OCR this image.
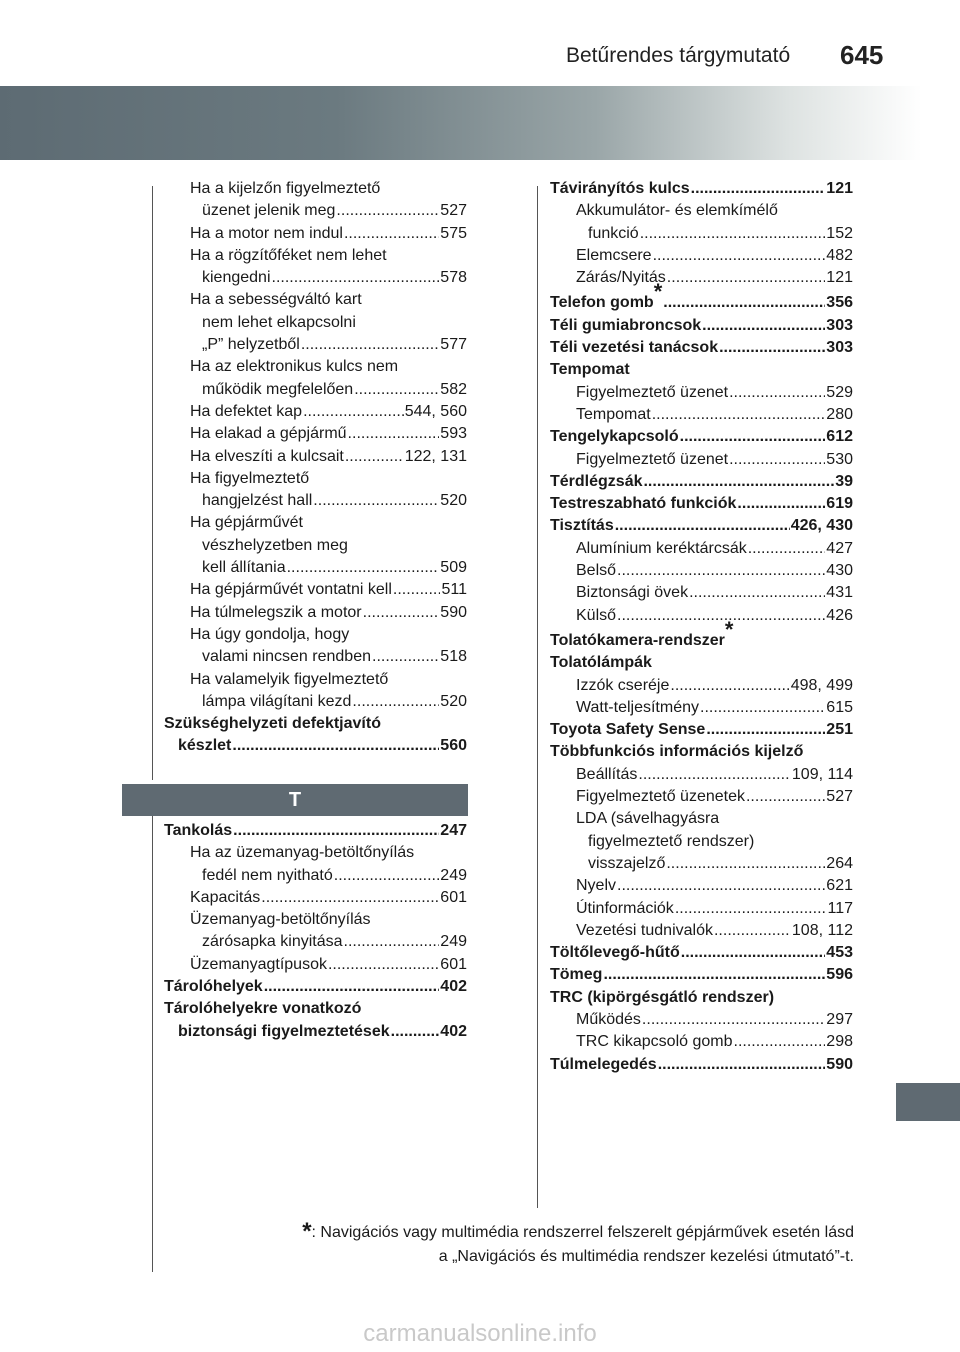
Betűrendes tárgymutató 645
Ha a kijelzőn figyelmeztető
üzenet jelenik meg .....	527
Ha a motor nem indul .....	575
Ha a rögzítőféket nem lehet
kiengedni .....	578
Ha a sebességváltó kart
nem lehet elkapcsolni
„P” helyzetből .....	577
Ha az elektronikus kulcs nem
működik megfelelően .....	582
Ha defektet kap .....	544, 560
Ha elakad a gépjármű .....	593
Ha elveszíti a kulcsait .....	122, 131
Ha figyelmeztető
hangjelzést hall .....	520
Ha gépjárművét
vészhelyzetben meg
kell állítania .....	509
Ha gépjárművét vontatni kell .....	511
Ha túlmelegszik a motor .....	590
Ha úgy gondolja, hogy
valami nincsen rendben .....	518
Ha valamelyik figyelmeztető
lámpa világítani kezd .....	520
Szükséghelyzeti defektjavító
készlet .....	560
T
Tankolás .....	247
Ha az üzemanyag-betöltőnyílás
fedél nem nyitható .....	249
Kapacitás .....	601
Üzemanyag-betöltőnyílás
zárósapka kinyitása .....	249
Üzemanyagtípusok .....	601
Tárolóhelyek .....	402
Tárolóhelyekre vonatkozó
biztonsági figyelmeztetések .....	402
Távirányítós kulcs .....	121
Akkumulátor- és elemkímélő
funkció .....	152
Elemcsere .....	482
Zárás/Nyitás .....	121
Telefon gomb * .....	356
Téli gumiabroncsok .....	303
Téli vezetési tanácsok .....	303
Tempomat
Figyelmeztető üzenet .....	529
Tempomat .....	280
Tengelykapcsoló .....	612
Figyelmeztető üzenet .....	530
Térdlégzsák .....	39
Testreszabható funkciók .....	619
Tisztítás .....	426, 430
Alumínium keréktárcsák .....	427
Belső .....	430
Biztonsági övek .....	431
Külső .....	426
Tolatókamera-rendszer *
Tolatólámpák
Izzók cseréje .....	498, 499
Watt-teljesítmény .....	615
Toyota Safety Sense .....	251
Többfunkciós információs kijelző
Beállítás .....	109, 114
Figyelmeztető üzenetek .....	527
LDA (sávelhagyásra
figyelmeztető rendszer)
visszajelző .....	264
Nyelv .....	621
Útinformációk .....	117
Vezetési tudnivalók .....	108, 112
Töltőlevegő-hűtő .....	453
Tömeg .....	596
TRC (kipörgésgátló rendszer)
Működés .....	297
TRC kikapcsoló gomb .....	298
Túlmelegedés .....	590
*: Navigációs vagy multimédia rendszerrel felszerelt gépjárművek esetén lásd
a „Navigációs és multimédia rendszer kezelési útmutató”-t.
carmanualsonline.info
